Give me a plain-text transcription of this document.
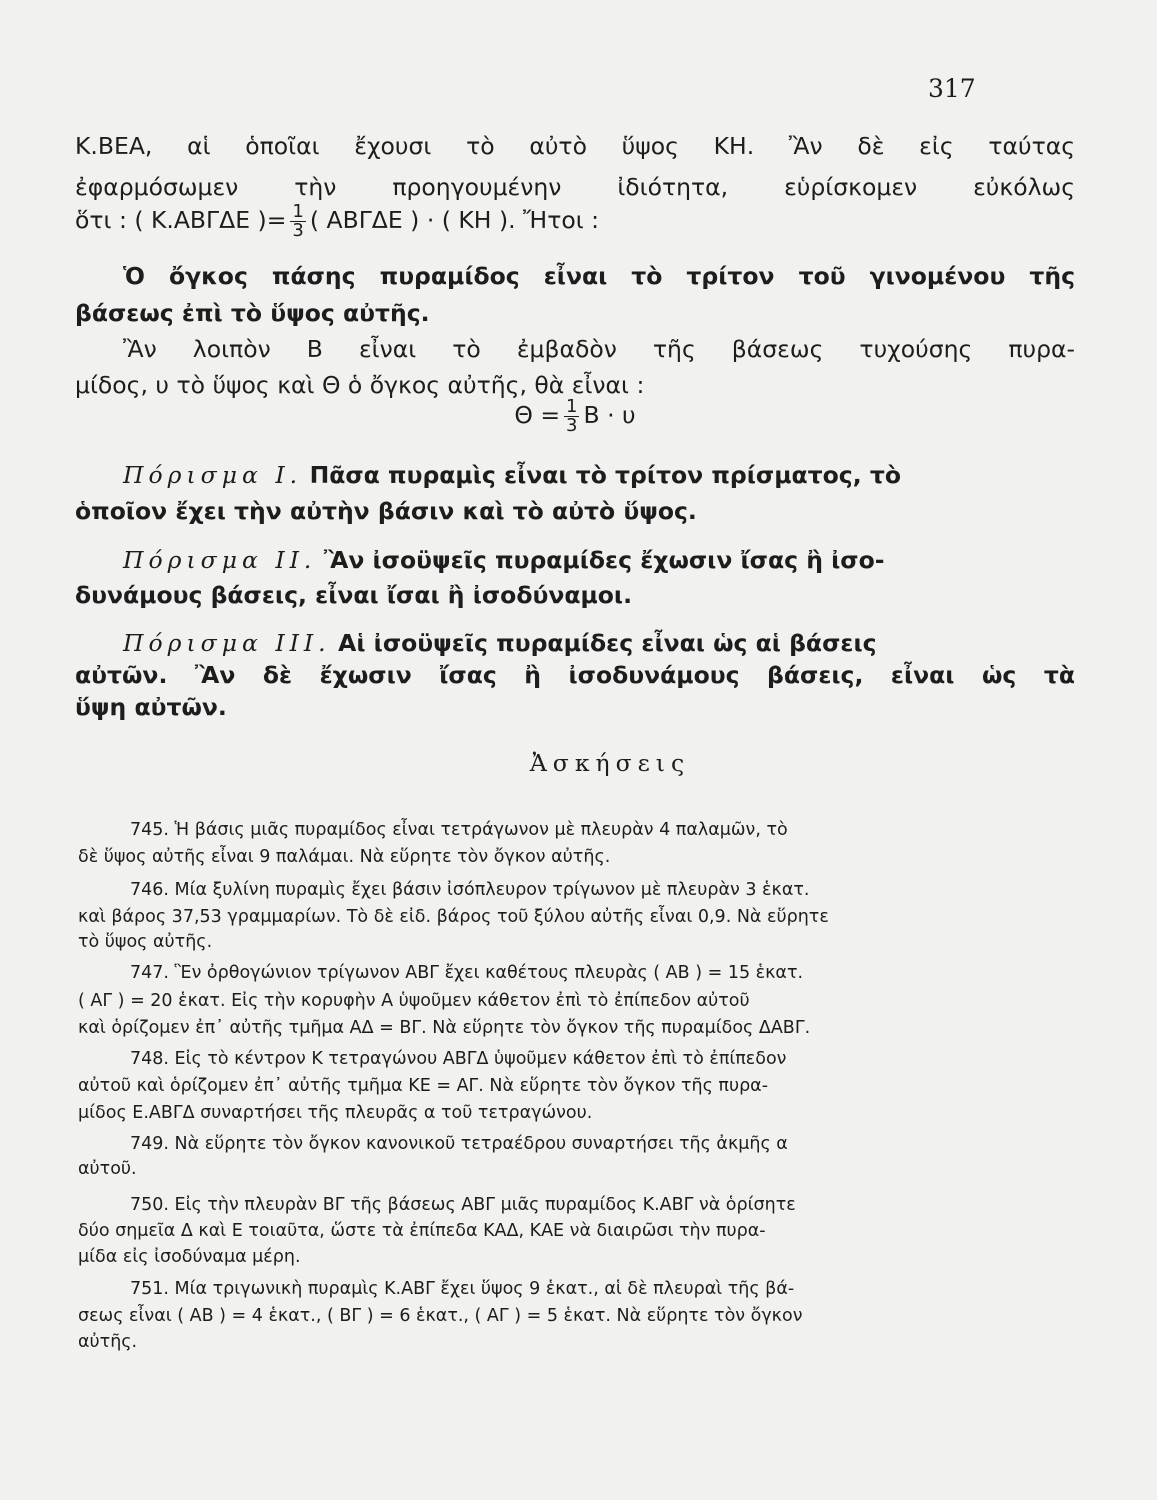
317
Κ.ΒΕΑ, αἱ ὁποῖαι ἔχουσι τὸ αὐτὸ ὕψος ΚΗ. Ἂν δὲ εἰς ταύτας
ἐφαρμόσωμεν τὴν προηγουμένην ἰδιότητα, εὑρίσκομεν εὐκόλως
ὅτι : ( Κ.ΑΒΓΔΕ )= $\frac{1}{3}$ ( ΑΒΓΔΕ ) · ( ΚΗ ). Ἤτοι :
Ὁ ὄγκος πάσης πυραμίδος εἶναι τὸ τρίτον τοῦ γινομένου τῆς
βάσεως ἐπὶ τὸ ὕψος αὐτῆς.
Ἂν λοιπὸν Β εἶναι τὸ ἐμβαδὸν τῆς βάσεως τυχούσης πυρα-
μίδος, υ τὸ ὕψος καὶ Θ ὁ ὄγκος αὐτῆς, θὰ εἶναι :
$\Theta = \frac{1}{3}$ Β · υ
Πόρισμα Ι. Πᾶσα πυραμὶς εἶναι τὸ τρίτον πρίσματος, τὸ
ὁποῖον ἔχει τὴν αὐτὴν βάσιν καὶ τὸ αὐτὸ ὕψος.
Πόρισμα ΙΙ. Ἂν ἰσοϋψεῖς πυραμίδες ἔχωσιν ἴσας ἢ ἰσο-
δυνάμους βάσεις, εἶναι ἴσαι ἢ ἰσοδύναμοι.
Πόρισμα ΙΙΙ. Αἱ ἰσοϋψεῖς πυραμίδες εἶναι ὡς αἱ βάσεις
αὐτῶν. Ἂν δὲ ἔχωσιν ἴσας ἢ ἰσοδυνάμους βάσεις, εἶναι ὡς τὰ
ὕψη αὐτῶν.
Ἀσκήσεις
745. Ἡ βάσις μιᾶς πυραμίδος εἶναι τετράγωνον μὲ πλευρὰν 4 παλαμῶν, τὸ
δὲ ὕψος αὐτῆς εἶναι 9 παλάμαι. Νὰ εὕρητε τὸν ὄγκον αὐτῆς.
746. Μία ξυλίνη πυραμὶς ἔχει βάσιν ἰσόπλευρον τρίγωνον μὲ πλευρὰν 3 ἑκατ.
καὶ βάρος 37,53 γραμμαρίων. Τὸ δὲ εἰδ. βάρος τοῦ ξύλου αὐτῆς εἶναι 0,9. Νὰ εὕρητε
τὸ ὕψος αὐτῆς.
747. Ἓν ὀρθογώνιον τρίγωνον ΑΒΓ ἔχει καθέτους πλευρὰς ( ΑΒ ) = 15 ἑκατ.
( ΑΓ ) = 20 ἑκατ. Εἰς τὴν κορυφὴν Α ὑψοῦμεν κάθετον ἐπὶ τὸ ἐπίπεδον αὐτοῦ
καὶ ὁρίζομεν ἐπ᾽ αὐτῆς τμῆμα ΑΔ = ΒΓ. Νὰ εὕρητε τὸν ὄγκον τῆς πυραμίδος ΔΑΒΓ.
748. Εἰς τὸ κέντρον Κ τετραγώνου ΑΒΓΔ ὑψοῦμεν κάθετον ἐπὶ τὸ ἐπίπεδον
αὐτοῦ καὶ ὁρίζομεν ἐπ᾽ αὐτῆς τμῆμα ΚΕ = ΑΓ. Νὰ εὕρητε τὸν ὄγκον τῆς πυρα-
μίδος Ε.ΑΒΓΔ συναρτήσει τῆς πλευρᾶς α τοῦ τετραγώνου.
749. Νὰ εὕρητε τὸν ὄγκον κανονικοῦ τετραέδρου συναρτήσει τῆς ἀκμῆς α
αὐτοῦ.
750. Εἰς τὴν πλευρὰν ΒΓ τῆς βάσεως ΑΒΓ μιᾶς πυραμίδος Κ.ΑΒΓ νὰ ὁρίσητε
δύο σημεῖα Δ καὶ Ε τοιαῦτα, ὥστε τὰ ἐπίπεδα ΚΑΔ, ΚΑΕ νὰ διαιρῶσι τὴν πυρα-
μίδα εἰς ἰσοδύναμα μέρη.
751. Μία τριγωνικὴ πυραμὶς Κ.ΑΒΓ ἔχει ὕψος 9 ἑκατ., αἱ δὲ πλευραὶ τῆς βά-
σεως εἶναι ( ΑΒ ) = 4 ἑκατ., ( ΒΓ ) = 6 ἑκατ., ( ΑΓ ) = 5 ἑκατ. Νὰ εὕρητε τὸν ὄγκον
αὐτῆς.
